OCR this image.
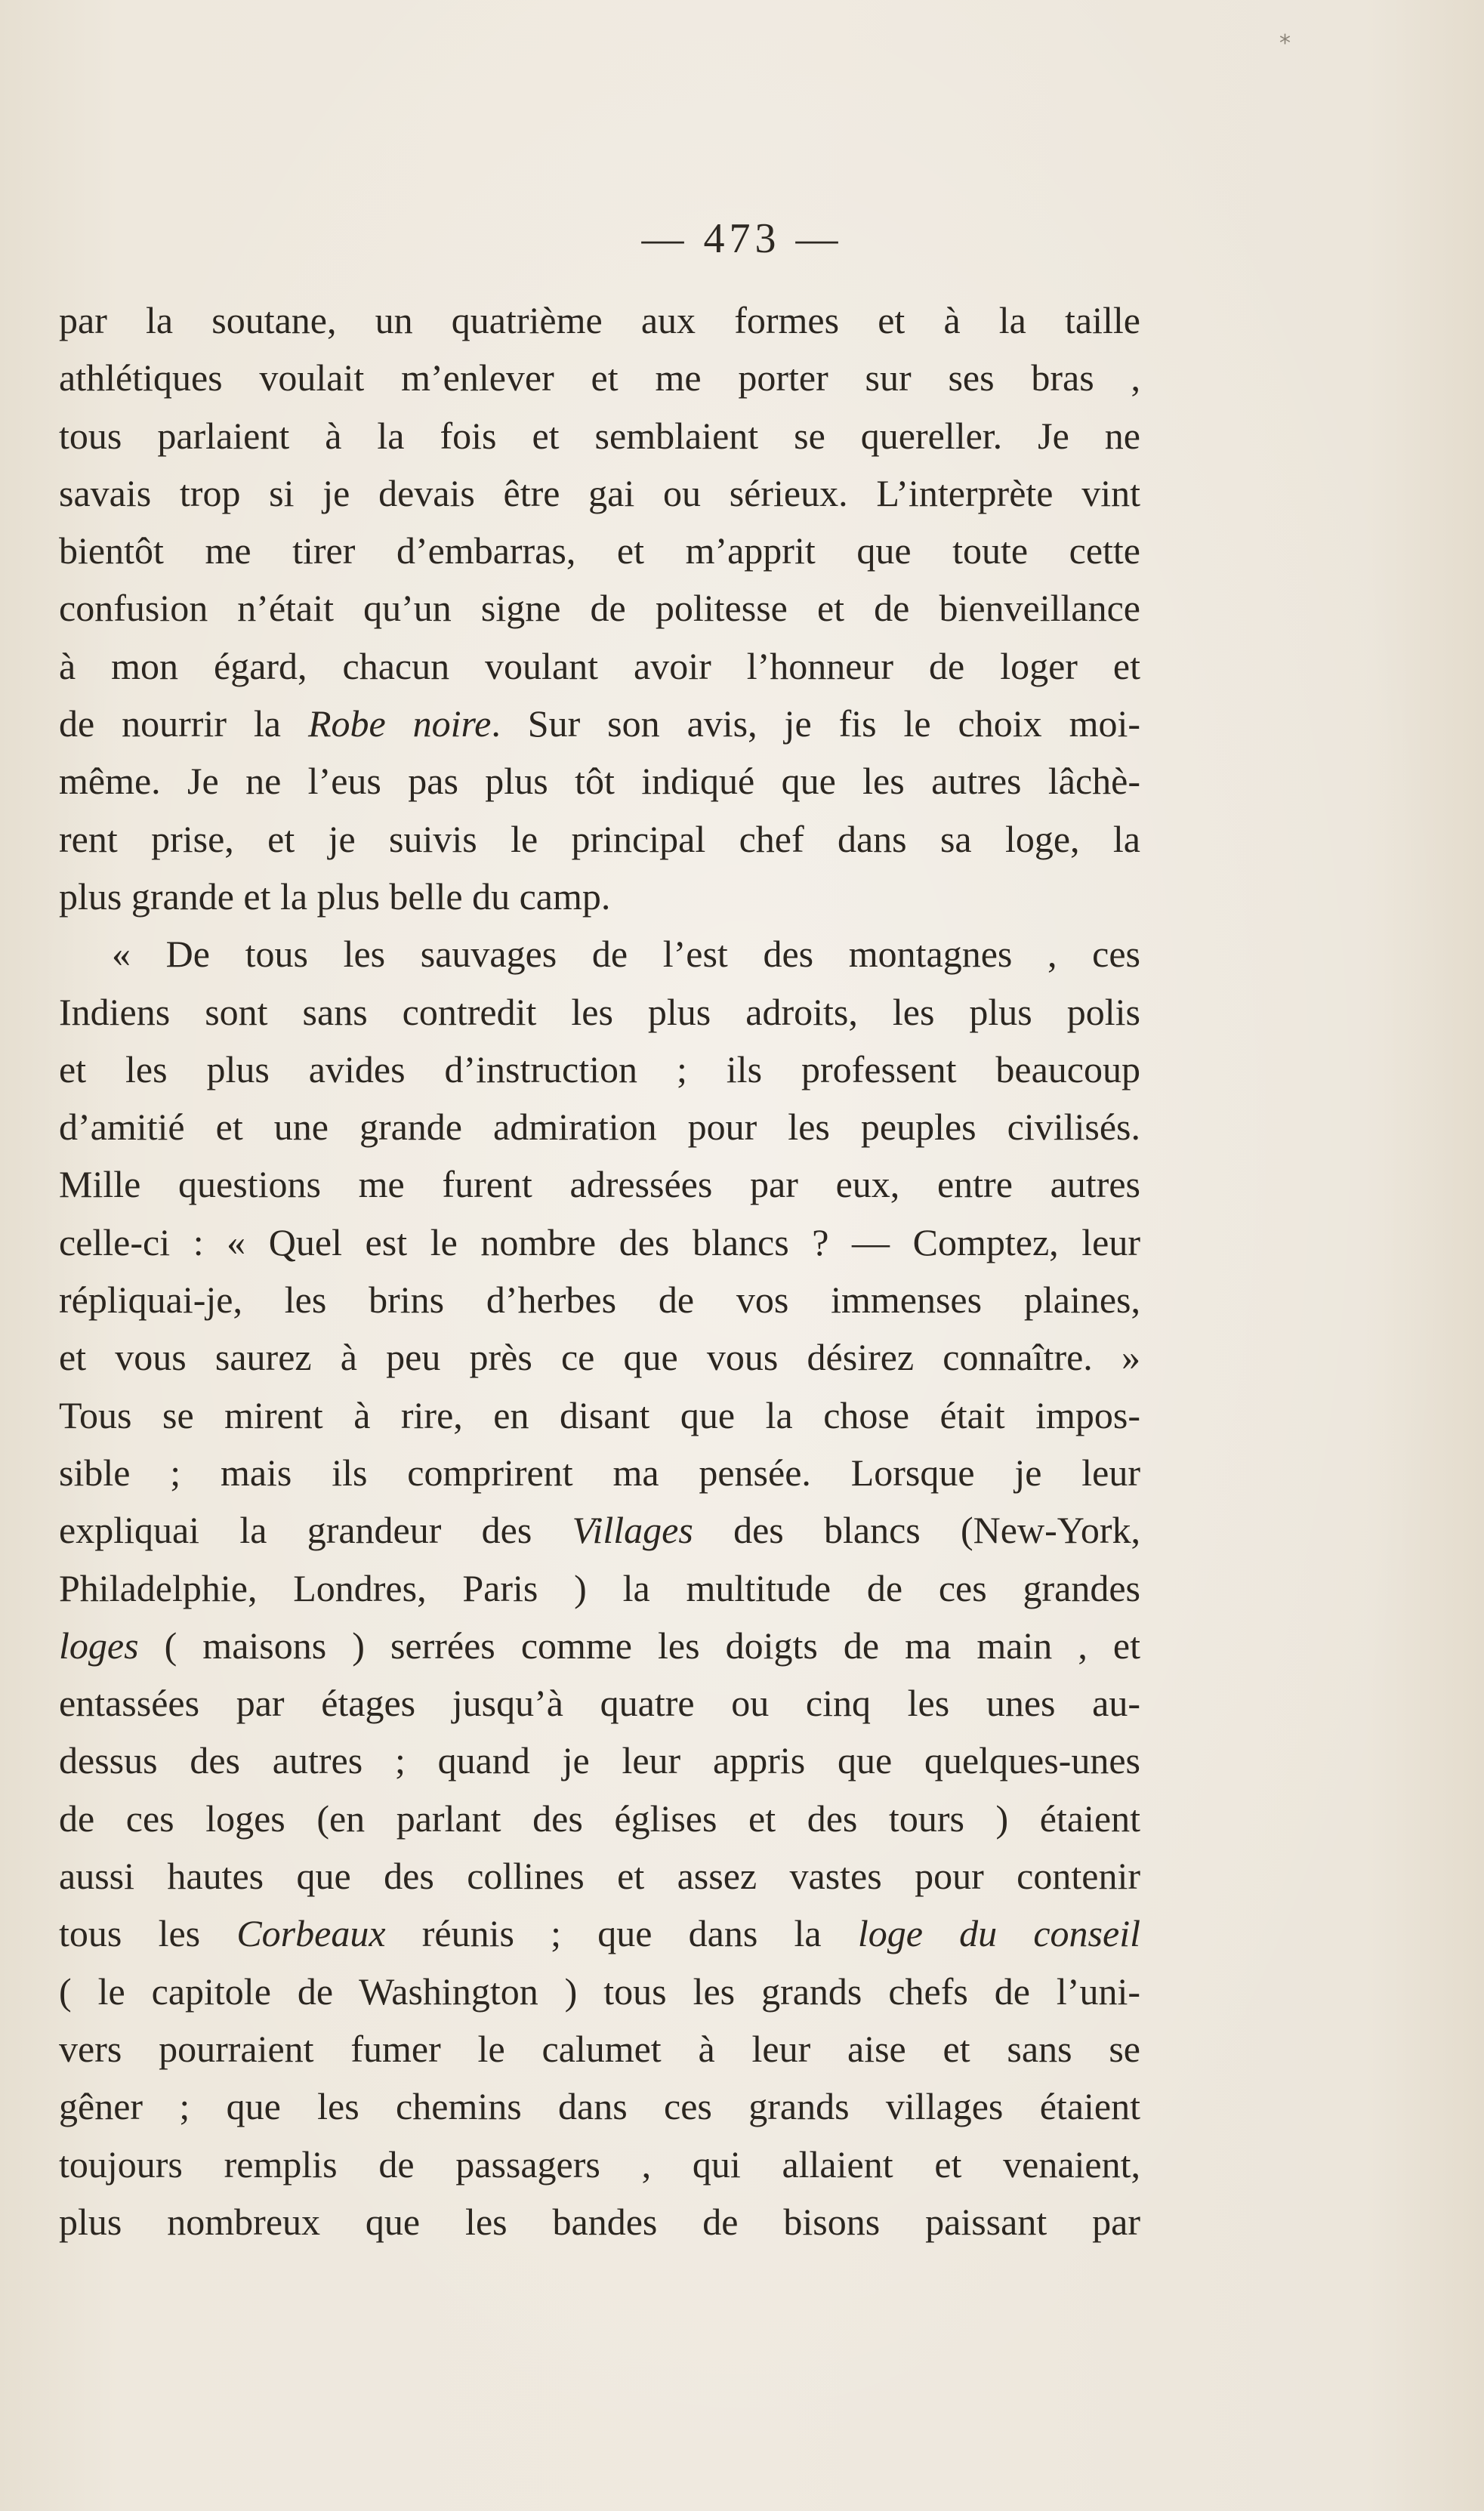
*
— 473 —
par la soutane, un quatrième aux formes et à la taille
athlétiques voulait m’enlever et me porter sur ses bras ,
tous parlaient à la fois et semblaient se quereller. Je ne
savais trop si je devais être gai ou sérieux. L’interprète vint
bientôt me tirer d’embarras, et m’apprit que toute cette
confusion n’était qu’un signe de politesse et de bienveillance
à mon égard, chacun voulant avoir l’honneur de loger et
de nourrir la Robe noire. Sur son avis, je fis le choix moi-
même. Je ne l’eus pas plus tôt indiqué que les autres lâchè-
rent prise, et je suivis le principal chef dans sa loge, la
plus grande et la plus belle du camp.
« De tous les sauvages de l’est des montagnes , ces
Indiens sont sans contredit les plus adroits, les plus polis
et les plus avides d’instruction ; ils professent beaucoup
d’amitié et une grande admiration pour les peuples civilisés.
Mille questions me furent adressées par eux, entre autres
celle-ci : « Quel est le nombre des blancs ? — Comptez, leur
répliquai-je, les brins d’herbes de vos immenses plaines,
et vous saurez à peu près ce que vous désirez connaître. »
Tous se mirent à rire, en disant que la chose était impos-
sible ; mais ils comprirent ma pensée. Lorsque je leur
expliquai la grandeur des Villages des blancs (New-York,
Philadelphie, Londres, Paris ) la multitude de ces grandes
loges ( maisons ) serrées comme les doigts de ma main , et
entassées par étages jusqu’à quatre ou cinq les unes au-
dessus des autres ; quand je leur appris que quelques-unes
de ces loges (en parlant des églises et des tours ) étaient
aussi hautes que des collines et assez vastes pour contenir
tous les Corbeaux réunis ; que dans la loge du conseil
( le capitole de Washington ) tous les grands chefs de l’uni-
vers pourraient fumer le calumet à leur aise et sans se
gêner ; que les chemins dans ces grands villages étaient
toujours remplis de passagers , qui allaient et venaient,
plus nombreux que les bandes de bisons paissant par
